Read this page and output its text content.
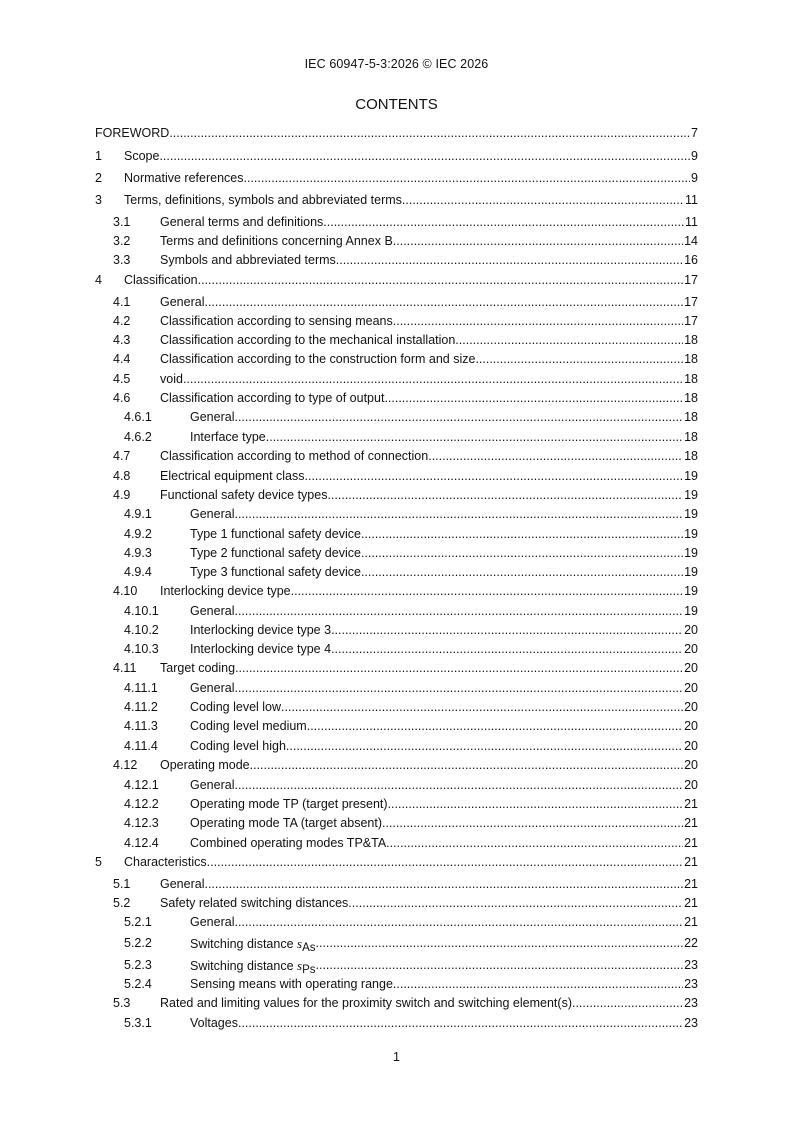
IEC 60947-5-3:2026 © IEC 2026
CONTENTS
FOREWORD .....	7
1 Scope .....	9
2 Normative references .....	9
3 Terms, definitions, symbols and abbreviated terms .....	11
3.1 General terms and definitions .....	11
3.2 Terms and definitions concerning Annex B .....	14
3.3 Symbols and abbreviated terms .....	16
4 Classification .....	17
4.1 General .....	17
4.2 Classification according to sensing means .....	17
4.3 Classification according to the mechanical installation .....	18
4.4 Classification according to the construction form and size .....	18
4.5 void .....	18
4.6 Classification according to type of output .....	18
4.6.1	General .....	18
4.6.2	Interface type .....	18
4.7 Classification according to method of connection .....	18
4.8 Electrical equipment class .....	19
4.9 Functional safety device types .....	19
4.9.1	General .....	19
4.9.2	Type 1 functional safety device .....	19
4.9.3	Type 2 functional safety device .....	19
4.9.4	Type 3 functional safety device .....	19
4.10 Interlocking device type .....	19
4.10.1 General .....	19
4.10.2 Interlocking device type 3 .....	20
4.10.3 Interlocking device type 4 .....	20
4.11 Target coding .....	20
4.11.1	General .....	20
4.11.2	Coding level low .....	20
4.11.3	Coding level medium .....	20
4.11.4	Coding level high .....	20
4.12 Operating mode .....	20
4.12.1 General .....	20
4.12.2 Operating mode TP (target present) .....	21
4.12.3 Operating mode TA (target absent) .....	21
4.12.4 Combined operating modes TP&TA .....	21
5 Characteristics .....	21
5.1 General .....	21
5.2 Safety related switching distances .....	21
5.2.1	General .....	21
5.2.2	Switching distance sAs .....	22
5.2.3	Switching distance sPs .....	23
5.2.4	Sensing means with operating range .....	23
5.3 Rated and limiting values for the proximity switch and switching element(s) .....	23
5.3.1	Voltages .....	23
1
